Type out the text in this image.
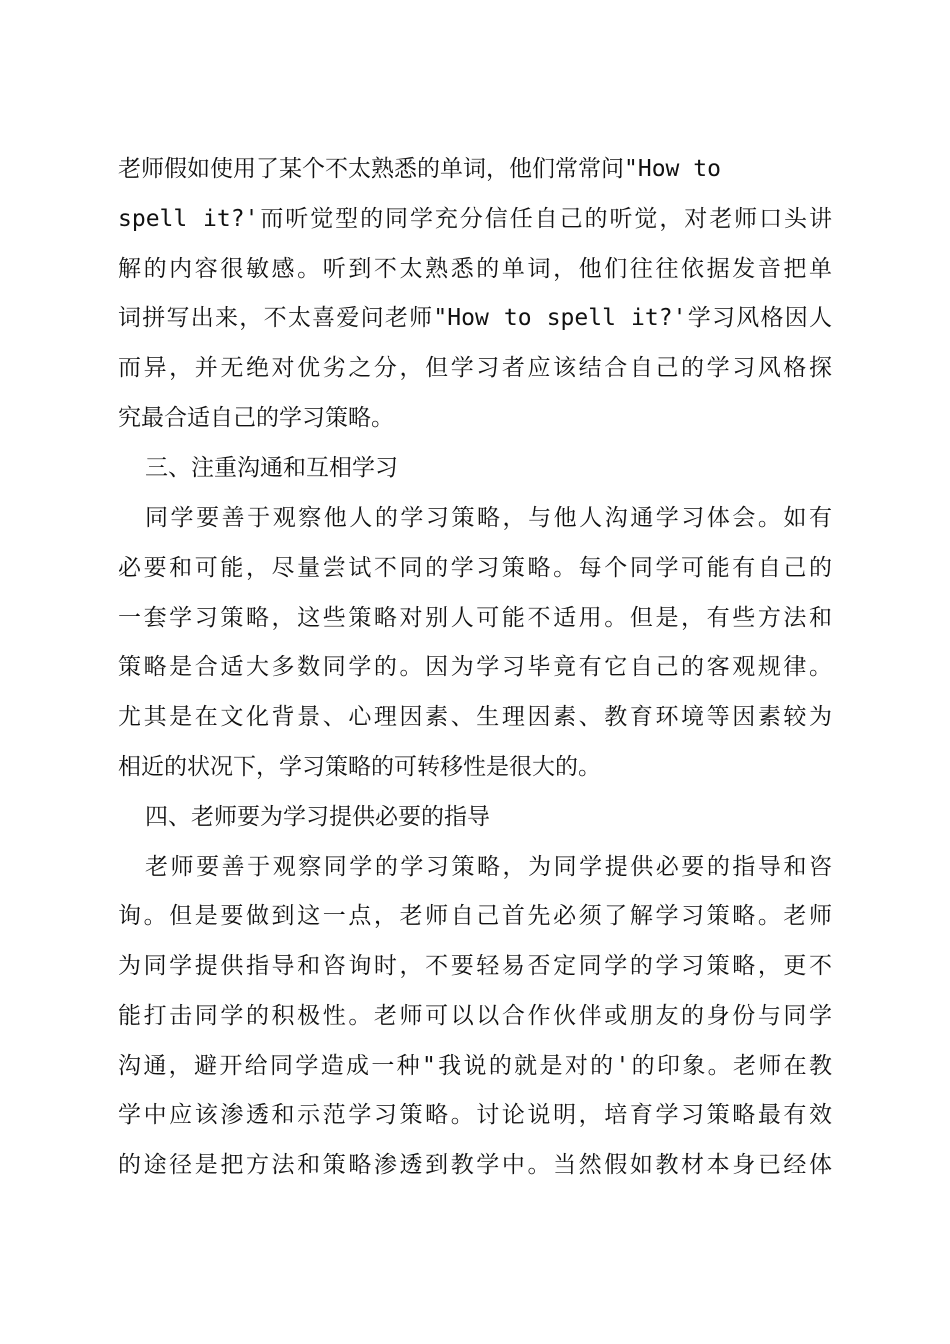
老师假如使用了某个不太熟悉的单词，他们常常问"How to
spell it?'而听觉型的同学充分信任自己的听觉，对老师口头讲
解的内容很敏感。听到不太熟悉的单词，他们往往依据发音把单
词拼写出来，不太喜爱问老师"How to spell it?'学习风格因人
而异，并无绝对优劣之分，但学习者应该结合自己的学习风格探
究最合适自己的学习策略。
三、注重沟通和互相学习
同学要善于观察他人的学习策略，与他人沟通学习体会。如有
必要和可能，尽量尝试不同的学习策略。每个同学可能有自己的
一套学习策略，这些策略对别人可能不适用。但是，有些方法和
策略是合适大多数同学的。因为学习毕竟有它自己的客观规律。
尤其是在文化背景、心理因素、生理因素、教育环境等因素较为
相近的状况下，学习策略的可转移性是很大的。
四、老师要为学习提供必要的指导
老师要善于观察同学的学习策略，为同学提供必要的指导和咨
询。但是要做到这一点，老师自己首先必须了解学习策略。老师
为同学提供指导和咨询时，不要轻易否定同学的学习策略，更不
能打击同学的积极性。老师可以以合作伙伴或朋友的身份与同学
沟通，避开给同学造成一种"我说的就是对的'的印象。老师在教
学中应该渗透和示范学习策略。讨论说明，培育学习策略最有效
的途径是把方法和策略渗透到教学中。当然假如教材本身已经体
